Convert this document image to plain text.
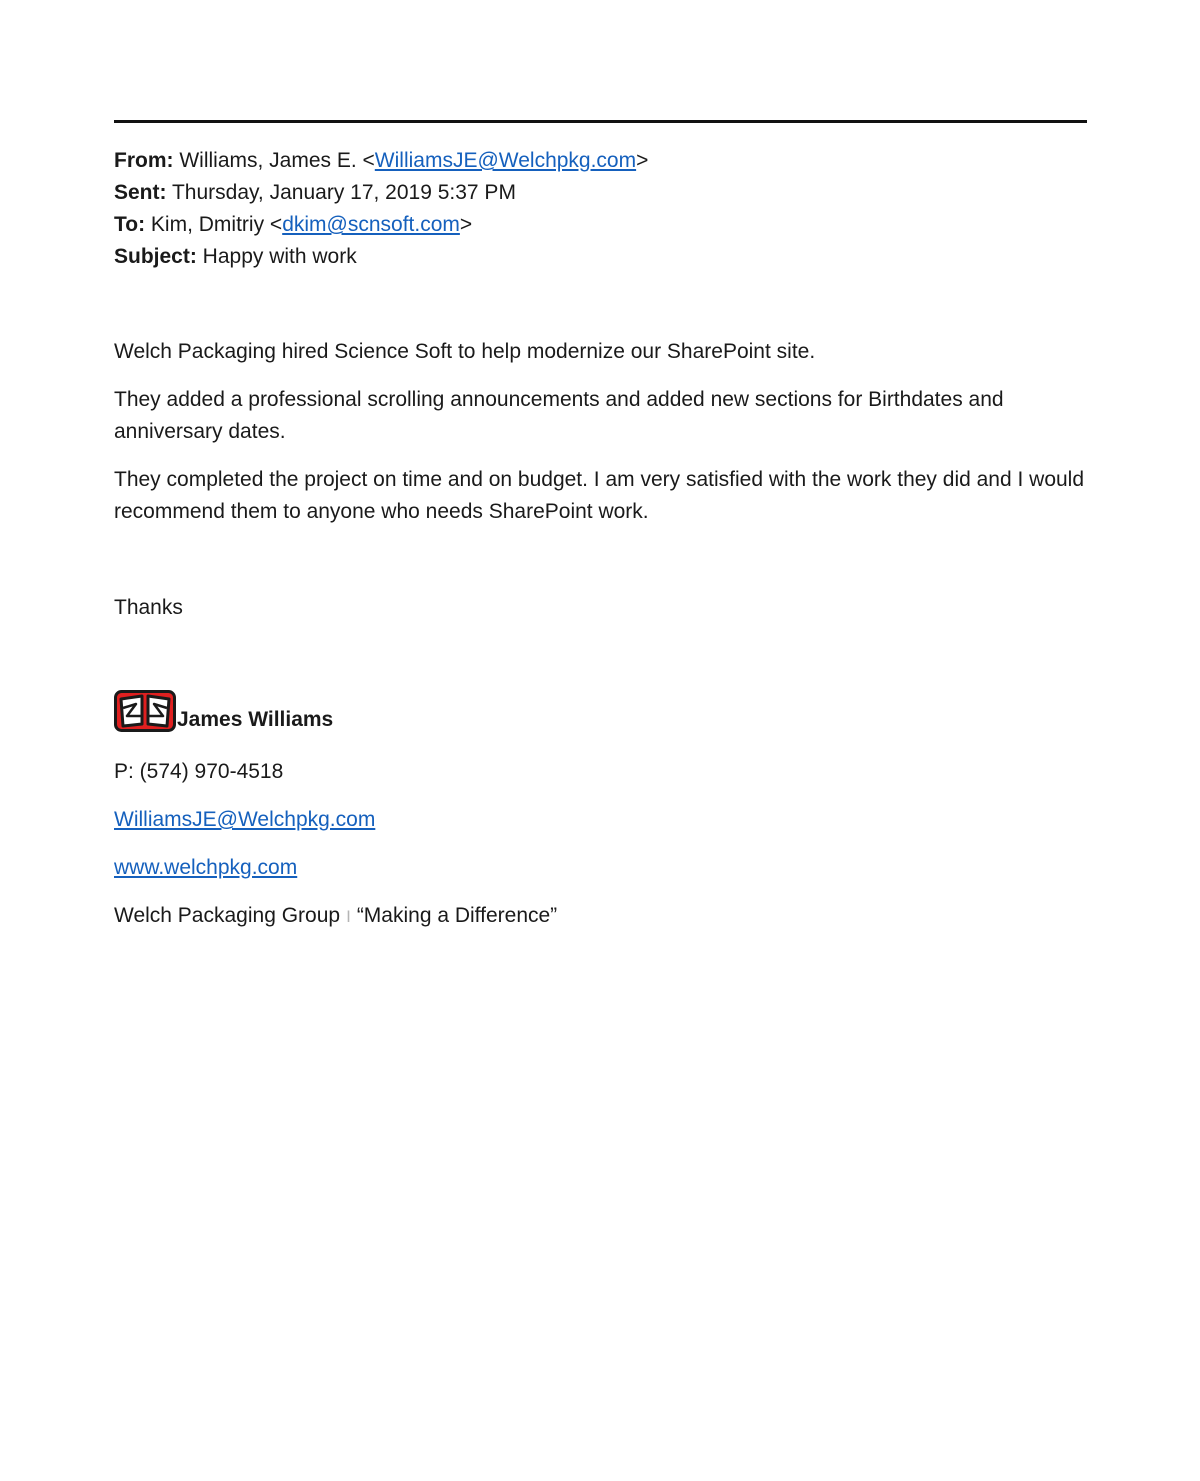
From: Williams, James E. <WilliamsJE@Welchpkg.com>
Sent: Thursday, January 17, 2019 5:37 PM
To: Kim, Dmitriy <dkim@scnsoft.com>
Subject: Happy with work

Welch Packaging hired Science Soft to help modernize our SharePoint site.

They added a professional scrolling announcements and added new sections for Birthdates and anniversary dates.

They completed the project on time and on budget. I am very satisfied with the work they did and I would recommend them to anyone who needs SharePoint work.

Thanks
James Williams
P: (574) 970-4518
WilliamsJE@Welchpkg.com
www.welchpkg.com
Welch Packaging Group I “Making a Difference”
